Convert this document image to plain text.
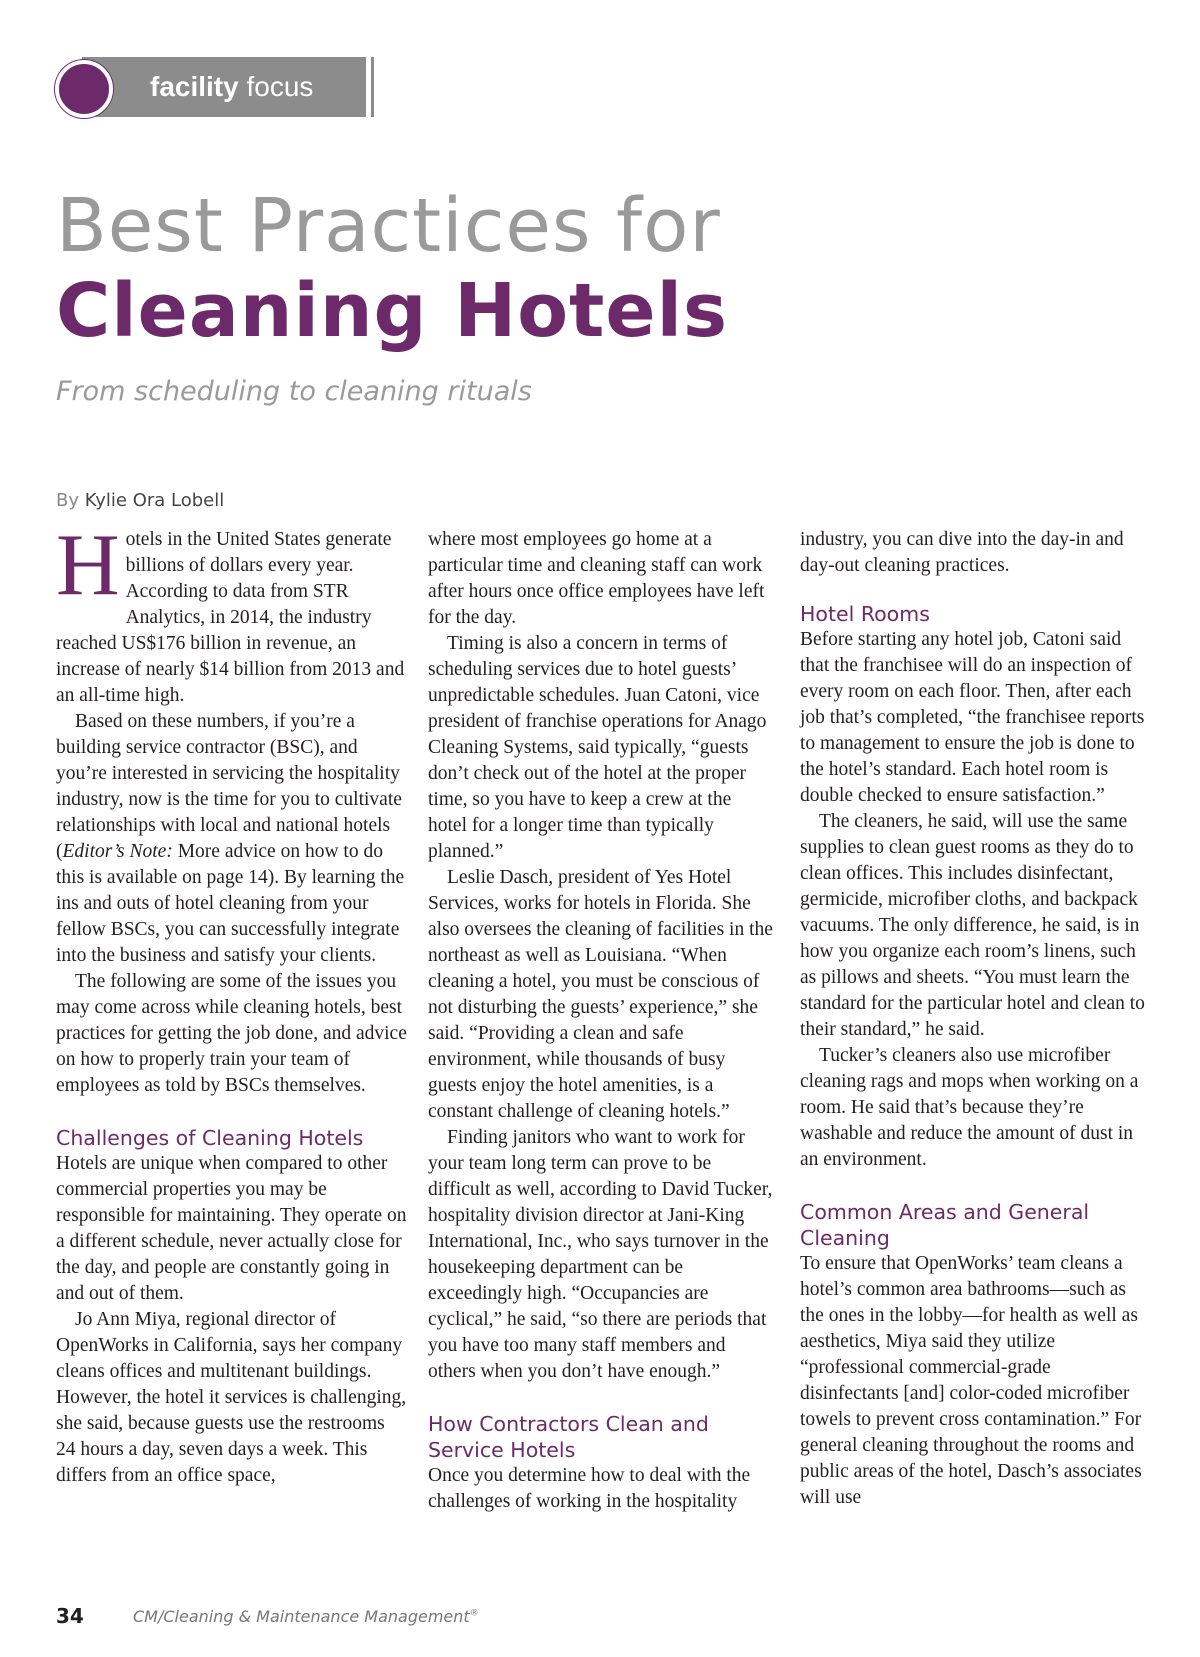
facility focus
Best Practices for
Cleaning Hotels
From scheduling to cleaning rituals
By Kylie Ora Lobell

Hotels in the United States generate billions of dollars every year. According to data from STR Analytics, in 2014, the industry reached US$176 billion in revenue, an increase of nearly $14 billion from 2013 and an all-time high.

Based on these numbers, if you’re a building service contractor (BSC), and you’re interested in servicing the hospitality industry, now is the time for you to cultivate relationships with local and national hotels (Editor’s Note: More advice on how to do this is available on page 14). By learning the ins and outs of hotel cleaning from your fellow BSCs, you can successfully integrate into the business and satisfy your clients.

The following are some of the issues you may come across while cleaning hotels, best practices for getting the job done, and advice on how to properly train your team of employees as told by BSCs themselves.

Challenges of Cleaning Hotels

Hotels are unique when compared to other commercial properties you may be responsible for maintaining. They operate on a different schedule, never actually close for the day, and people are constantly going in and out of them.

Jo Ann Miya, regional director of OpenWorks in California, says her company cleans offices and multitenant buildings. However, the hotel it services is challenging, she said, because guests use the restrooms 24 hours a day, seven days a week. This differs from an office space,

where most employees go home at a particular time and cleaning staff can work after hours once office employees have left for the day.

Timing is also a concern in terms of scheduling services due to hotel guests’ unpredictable schedules. Juan Catoni, vice president of franchise operations for Anago Cleaning Systems, said typically, “guests don’t check out of the hotel at the proper time, so you have to keep a crew at the hotel for a longer time than typically planned.”

Leslie Dasch, president of Yes Hotel Services, works for hotels in Florida. She also oversees the cleaning of facilities in the northeast as well as Louisiana. “When cleaning a hotel, you must be conscious of not disturbing the guests’ experience,” she said. “Providing a clean and safe environment, while thousands of busy guests enjoy the hotel amenities, is a constant challenge of cleaning hotels.”

Finding janitors who want to work for your team long term can prove to be difficult as well, according to David Tucker, hospitality division director at Jani-King International, Inc., who says turnover in the housekeeping department can be exceedingly high. “Occupancies are cyclical,” he said, “so there are periods that you have too many staff members and others when you don’t have enough.”

How Contractors Clean and Service Hotels

Once you determine how to deal with the challenges of working in the hospitality

industry, you can dive into the day-in and day-out cleaning practices.

Hotel Rooms

Before starting any hotel job, Catoni said that the franchisee will do an inspection of every room on each floor. Then, after each job that’s completed, “the franchisee reports to management to ensure the job is done to the hotel’s standard. Each hotel room is double checked to ensure satisfaction.”

The cleaners, he said, will use the same supplies to clean guest rooms as they do to clean offices. This includes disinfectant, germicide, microfiber cloths, and backpack vacuums. The only difference, he said, is in how you organize each room’s linens, such as pillows and sheets. “You must learn the standard for the particular hotel and clean to their standard,” he said.

Tucker’s cleaners also use microfiber cleaning rags and mops when working on a room. He said that’s because they’re washable and reduce the amount of dust in an environment.

Common Areas and General Cleaning

To ensure that OpenWorks’ team cleans a hotel’s common area bathrooms—such as the ones in the lobby—for health as well as aesthetics, Miya said they utilize “professional commercial-grade disinfectants [and] color-coded microfiber towels to prevent cross contamination.” For general cleaning throughout the rooms and public areas of the hotel, Dasch’s associates will use

34	CM/Cleaning & Maintenance Management®
